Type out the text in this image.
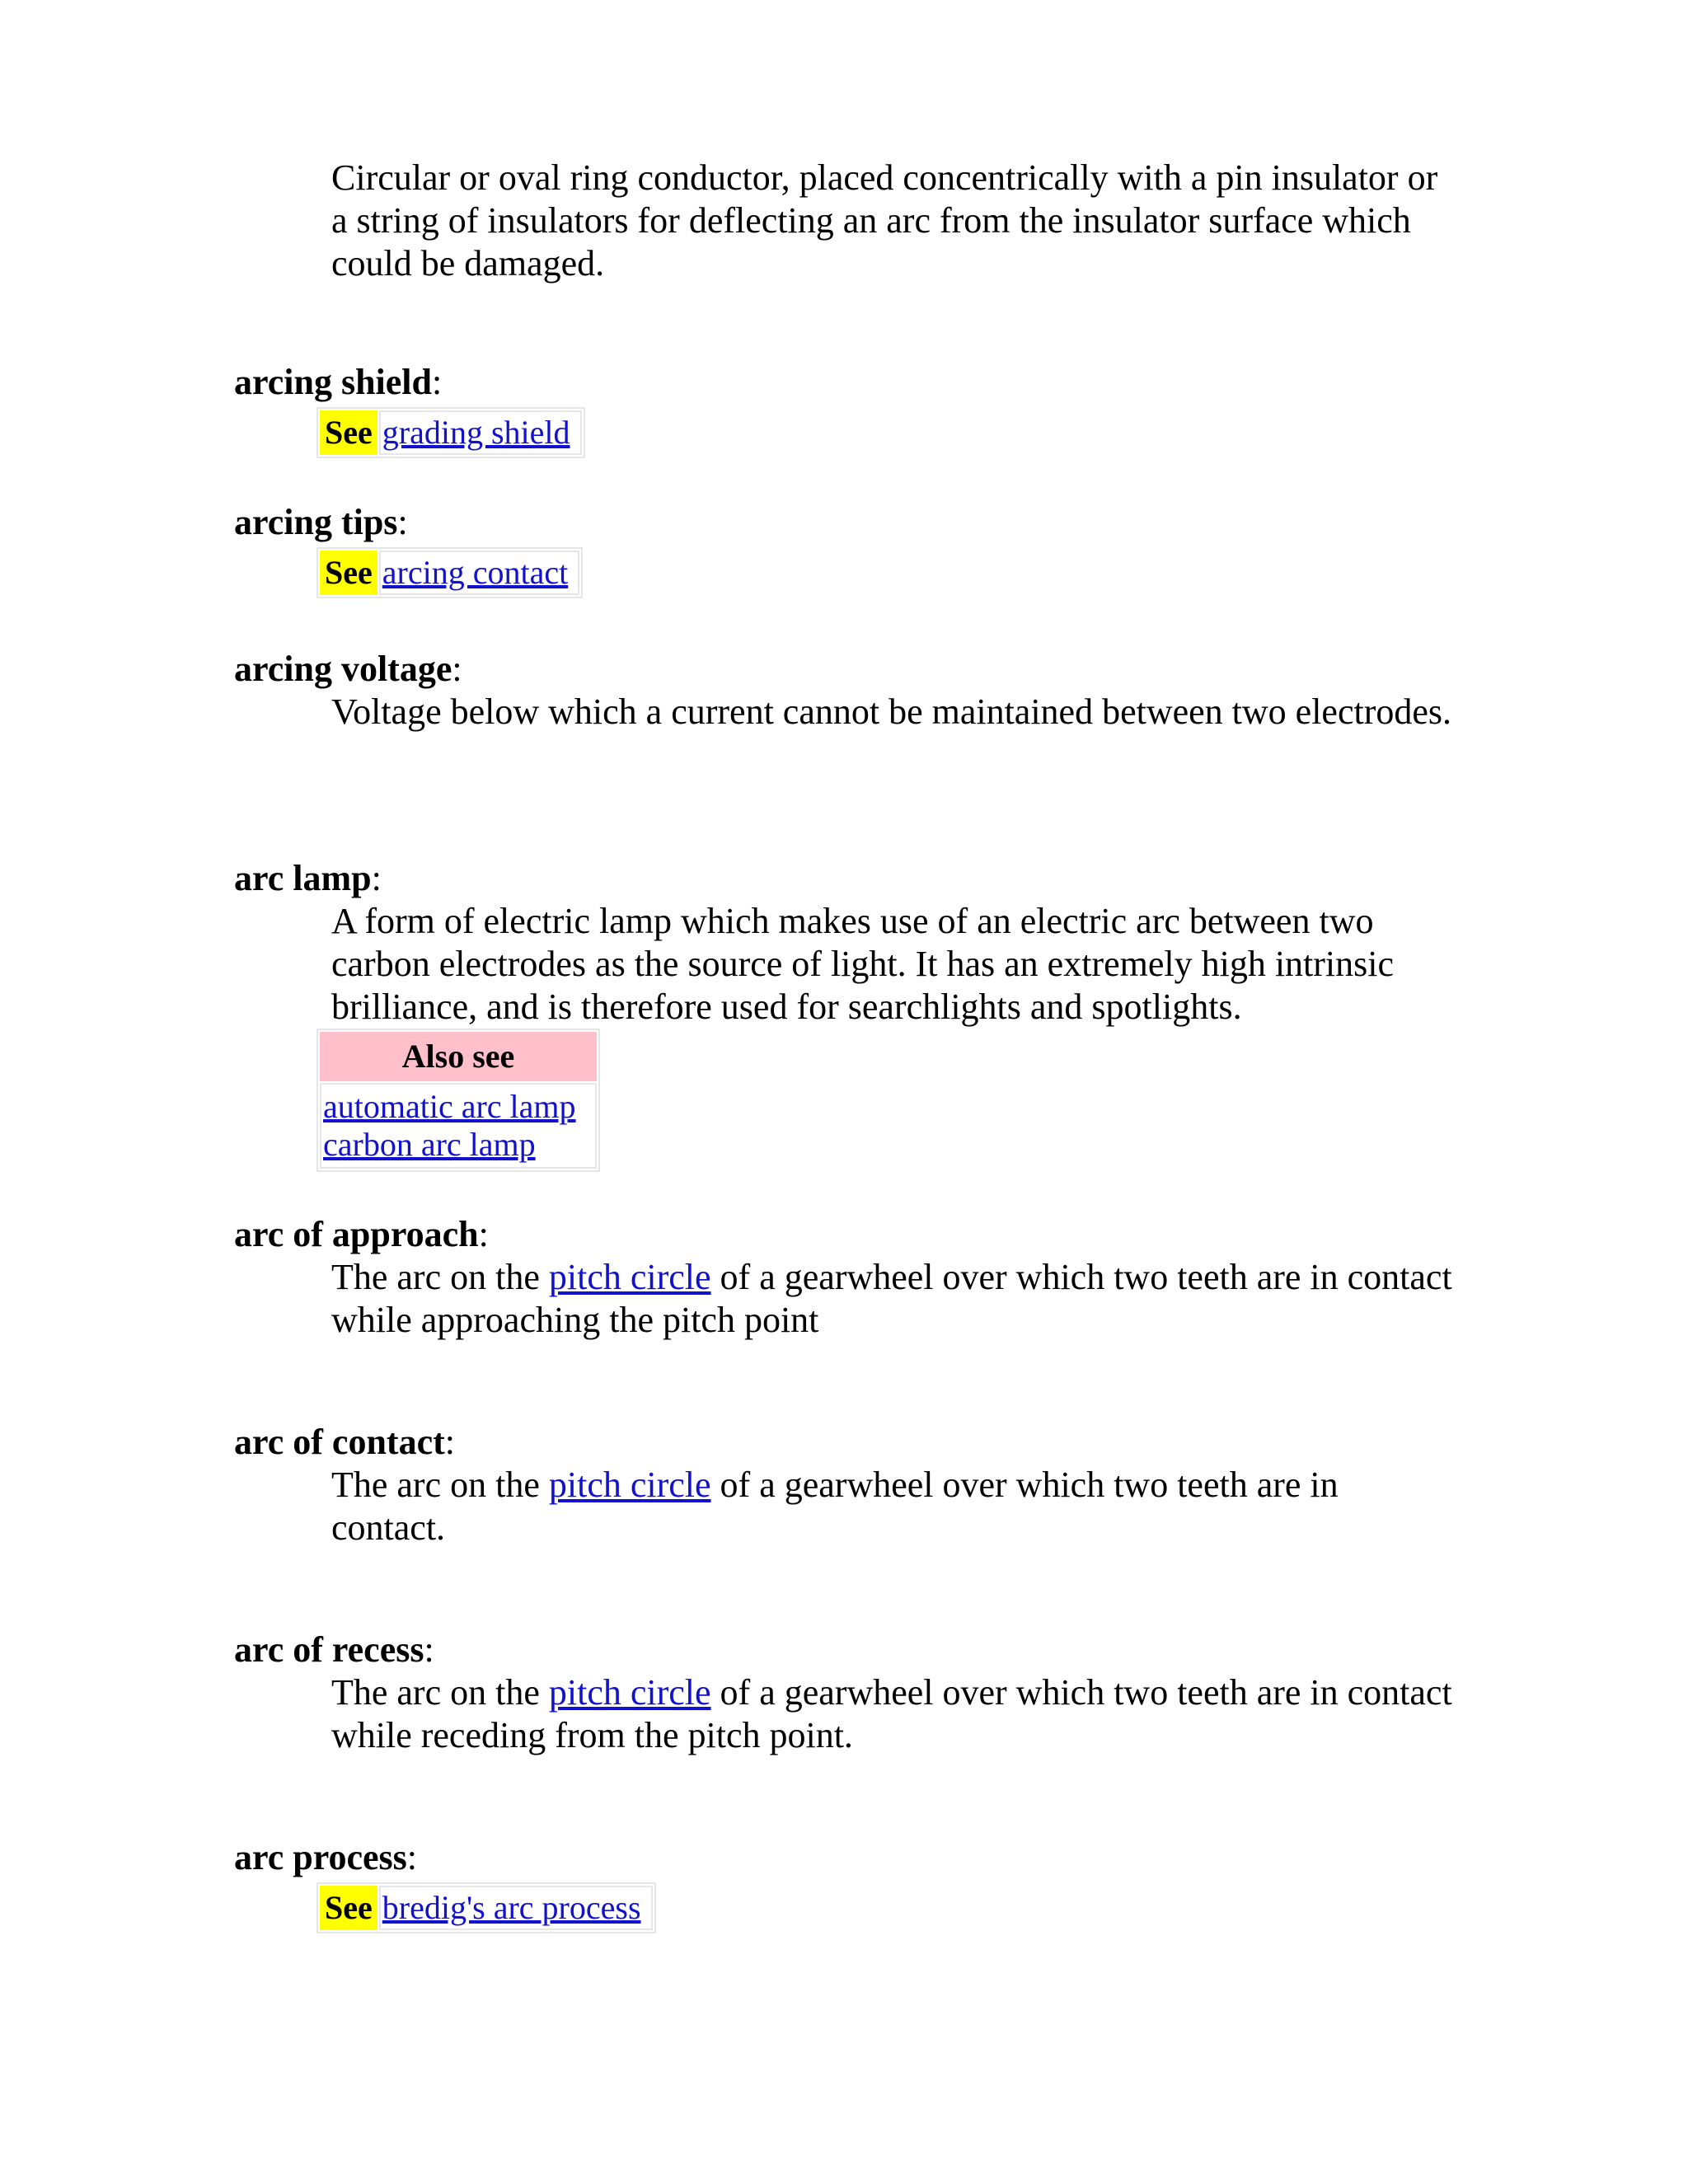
Circular or oval ring conductor, placed concentrically with a pin insulator or a string of insulators for deflecting an arc from the insulator surface which could be damaged.
arcing shield:
See	grading shield
arcing tips:
See	arcing contact
arcing voltage:
Voltage below which a current cannot be maintained between two electrodes.
arc lamp:
A form of electric lamp which makes use of an electric arc between two carbon electrodes as the source of light. It has an extremely high intrinsic brilliance, and is therefore used for searchlights and spotlights.
Also see

automatic arc lamp
carbon arc lamp
arc of approach:
The arc on the pitch circle of a gearwheel over which two teeth are in contact while approaching the pitch point
arc of contact:
The arc on the pitch circle of a gearwheel over which two teeth are in contact.
arc of recess:
The arc on the pitch circle of a gearwheel over which two teeth are in contact while receding from the pitch point.
arc process:
See	bredig's arc process
